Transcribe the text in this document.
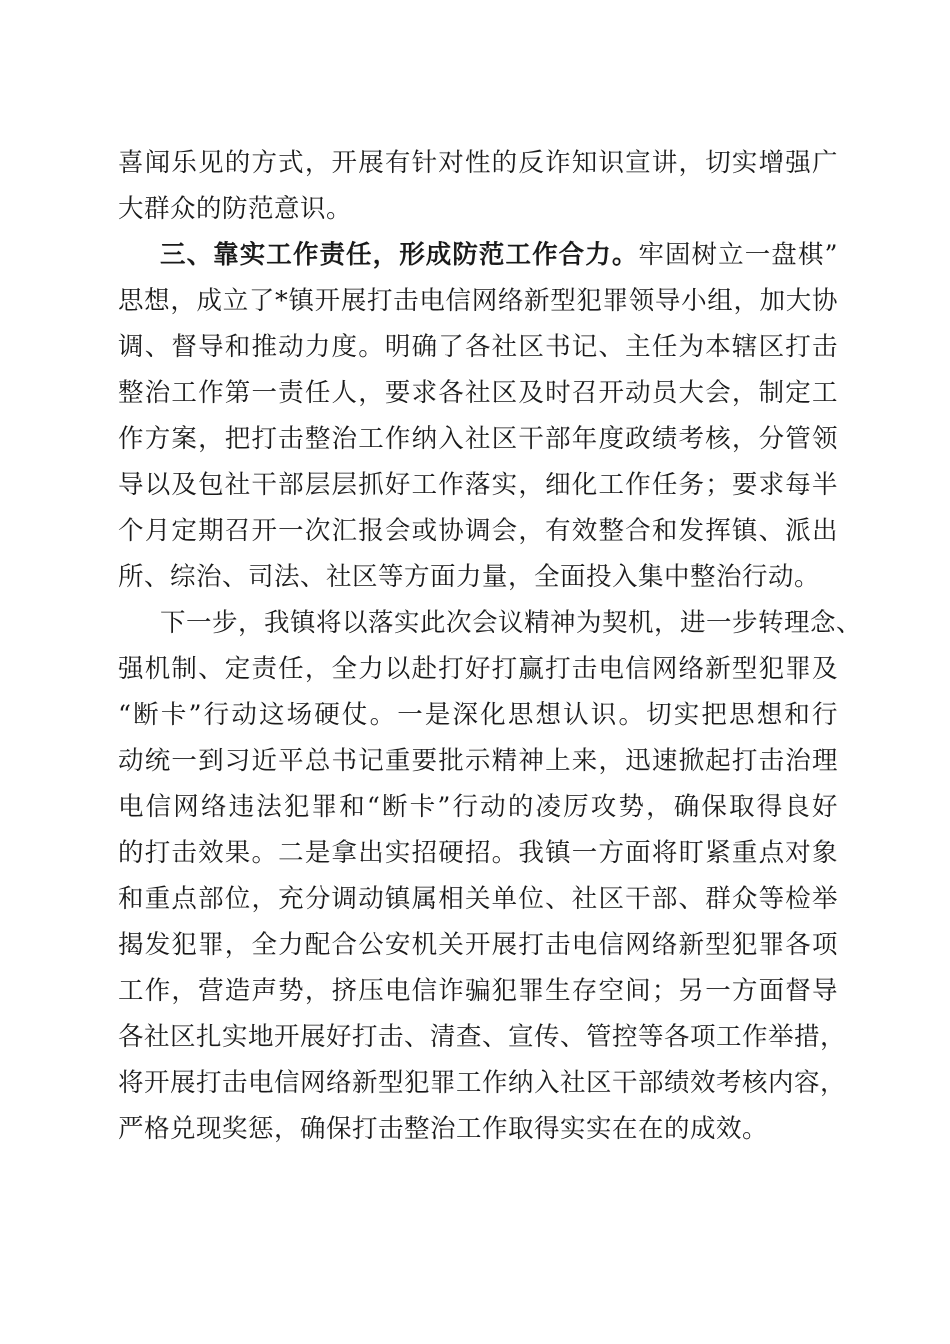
喜闻乐见的方式，开展有针对性的反诈知识宣讲，切实增强广
大群众的防范意识。
三、靠实工作责任，形成防范工作合力。牢固树立一盘棋”
思想，成立了*镇开展打击电信网络新型犯罪领导小组，加大协
调、督导和推动力度。明确了各社区书记、主任为本辖区打击
整治工作第一责任人，要求各社区及时召开动员大会，制定工
作方案，把打击整治工作纳入社区干部年度政绩考核，分管领
导以及包社干部层层抓好工作落实，细化工作任务；要求每半
个月定期召开一次汇报会或协调会，有效整合和发挥镇、派出
所、综治、司法、社区等方面力量，全面投入集中整治行动。
下一步，我镇将以落实此次会议精神为契机，进一步转理念、
强机制、定责任，全力以赴打好打赢打击电信网络新型犯罪及
“断卡”行动这场硬仗。一是深化思想认识。切实把思想和行
动统一到习近平总书记重要批示精神上来，迅速掀起打击治理
电信网络违法犯罪和“断卡”行动的凌厉攻势，确保取得良好
的打击效果。二是拿出实招硬招。我镇一方面将盯紧重点对象
和重点部位，充分调动镇属相关单位、社区干部、群众等检举
揭发犯罪，全力配合公安机关开展打击电信网络新型犯罪各项
工作，营造声势，挤压电信诈骗犯罪生存空间；另一方面督导
各社区扎实地开展好打击、清查、宣传、管控等各项工作举措，
将开展打击电信网络新型犯罪工作纳入社区干部绩效考核内容，
严格兑现奖惩，确保打击整治工作取得实实在在的成效。
